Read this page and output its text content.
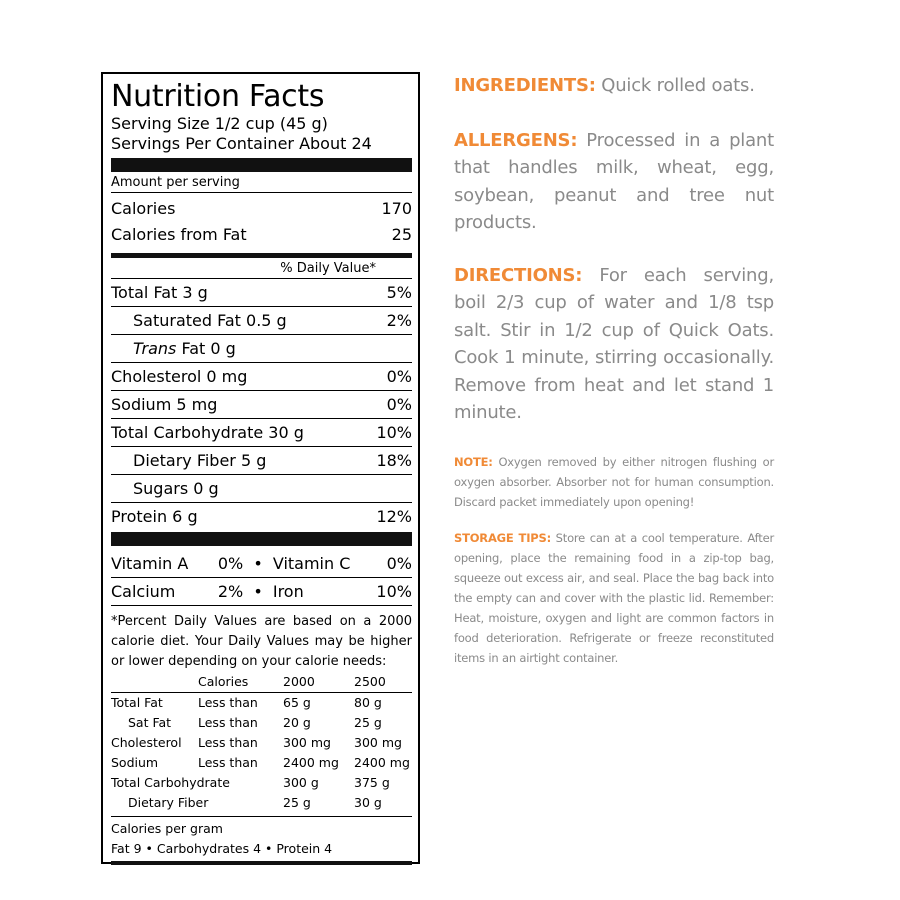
Nutrition Facts
Serving Size 1/2 cup (45 g)
Servings Per Container About 24
Amount per serving
Calories	170
Calories from Fat	25
% Daily Value*
Total Fat 3 g	5%
Saturated Fat 0.5 g	2%
Trans Fat 0 g
Cholesterol 0 mg	0%
Sodium 5 mg	0%
Total Carbohydrate 30 g	10%
Dietary Fiber 5 g	18%
Sugars 0 g
Protein 6 g	12%
Vitamin A	0% • Vitamin C	0%
Calcium	2% • Iron	10%
*Percent Daily Values are based on a 2000 calorie diet. Your Daily Values may be higher or lower depending on your calorie needs:
	Calories	2000	2500

Total Fat	Less than	65 g	80 g
Sat Fat	Less than	20 g	25 g
Cholesterol	Less than	300 mg	300 mg
Sodium	Less than	2400 mg	2400 mg
Total Carbohydrate		300 g	375 g
Dietary Fiber		25 g	30 g
Calories per gram
Fat 9 • Carbohydrates 4 • Protein 4

INGREDIENTS: Quick rolled oats.

ALLERGENS: Processed in a plant that handles milk, wheat, egg, soybean, peanut and tree nut products.

DIRECTIONS: For each serving, boil 2/3 cup of water and 1/8 tsp salt. Stir in 1/2 cup of Quick Oats. Cook 1 minute, stirring occasionally. Remove from heat and let stand 1 minute.

NOTE: Oxygen removed by either nitrogen flushing or oxygen absorber. Absorber not for human consumption. Discard packet immediately upon opening!

STORAGE TIPS: Store can at a cool temperature. After opening, place the remaining food in a zip-top bag, squeeze out excess air, and seal. Place the bag back into the empty can and cover with the plastic lid. Remember: Heat, moisture, oxygen and light are common factors in food deterioration. Refrigerate or freeze reconstituted items in an airtight container.
